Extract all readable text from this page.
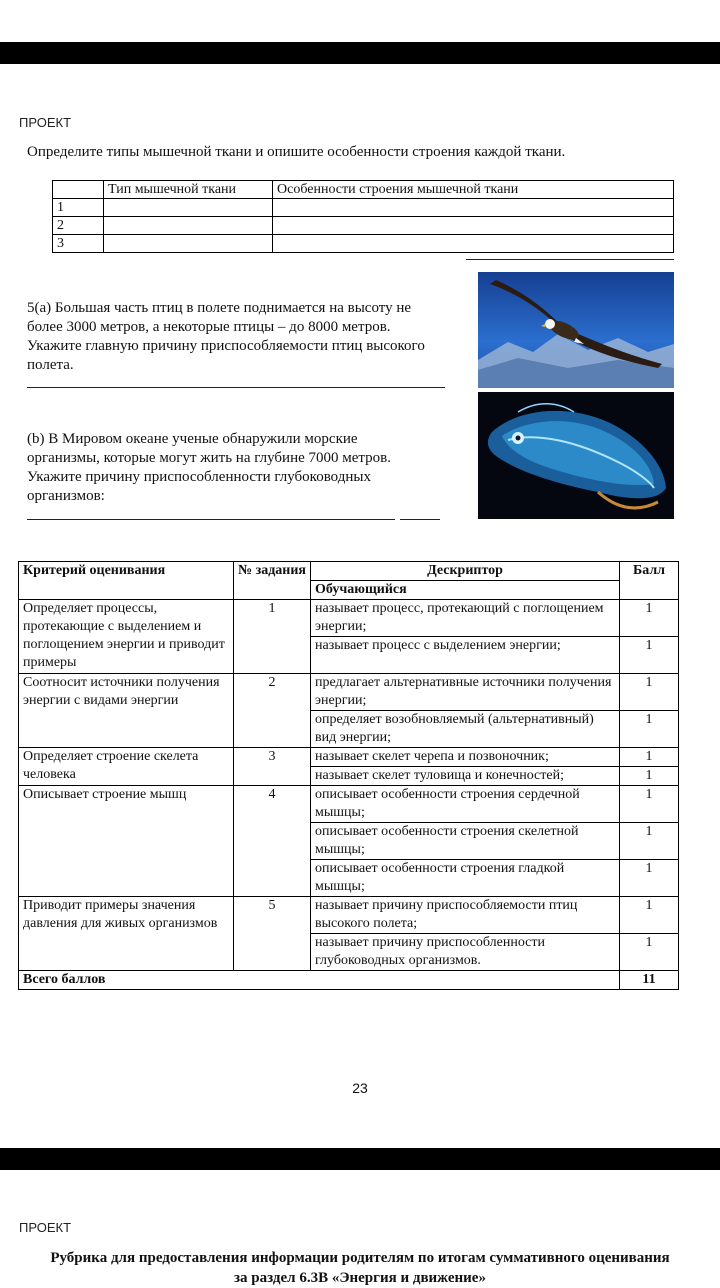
ПРОЕКТ
Определите типы мышечной ткани и опишите особенности строения каждой ткани.
	Тип мышечной ткани	Особенности строения мышечной ткани
1		
2		
3		
5(a) Большая часть птиц в полете поднимается на высоту не
более 3000 метров, а некоторые птицы – до 8000 метров.
Укажите главную причину приспособляемости птиц высокого
полета.
(b) В Мировом океане ученые обнаружили морские
организмы, которые могут жить на глубине 7000 метров.
Укажите причину приспособленности глубоководных
организмов:
Критерий оценивания	№ задания	Дескриптор	Балл
		Обучающийся	
Определяет процессы, протекающие с выделением и поглощением энергии и приводит примеры	1	называет процесс, протекающий с поглощением энергии;	1
		называет процесс с выделением энергии;	1
Соотносит источники получения энергии с видами энергии	2	предлагает альтернативные источники получения энергии;	1
		определяет возобновляемый (альтернативный) вид энергии;	1
Определяет строение скелета человека	3	называет скелет черепа и позвоночник;	1
		называет скелет туловища и конечностей;	1
Описывает строение мышц	4	описывает особенности строения сердечной мышцы;	1
		описывает особенности строения скелетной мышцы;	1
		описывает особенности строения гладкой мышцы;	1
Приводит примеры значения давления для живых организмов	5	называет причину приспособляемости птиц высокого полета;	1
		называет причину приспособленности глубоководных организмов.	1
Всего баллов			11
23
ПРОЕКТ
Рубрика для предоставления информации родителям по итогам суммативного оценивания
за раздел 6.3В «Энергия и движение»
